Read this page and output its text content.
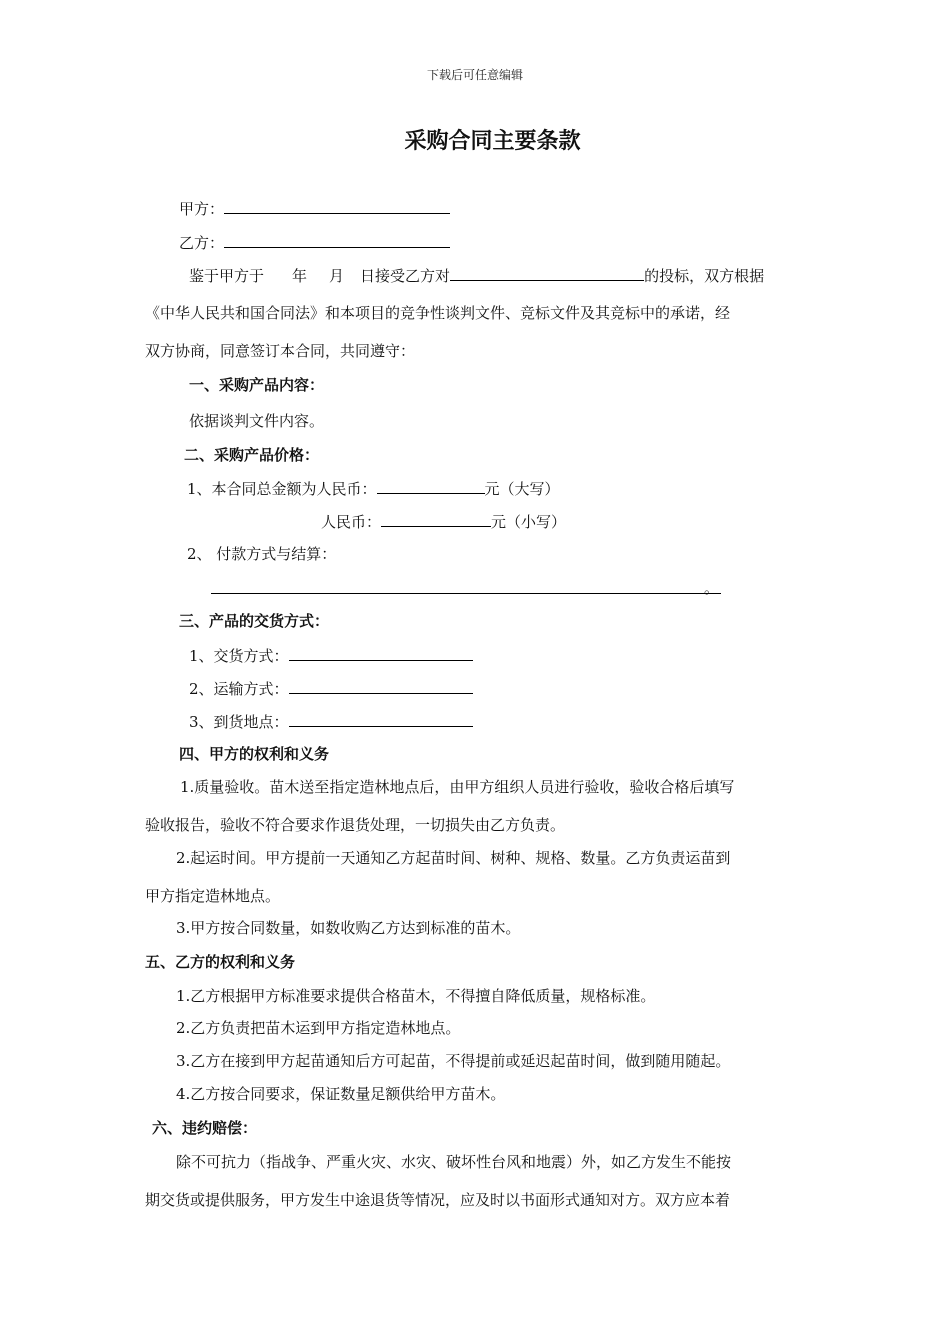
下载后可任意编辑
采购合同主要条款
甲方：
乙方：
鉴于甲方于 年 月 日接受乙方对	的投标，双方根据
《中华人民共和国合同法》和本项目的竞争性谈判文件、竞标文件及其竞标中的承诺，经
双方协商，同意签订本合同，共同遵守：
一、采购产品内容：
依据谈判文件内容。
二、采购产品价格：
1、本合同总金额为人民币：	元（大写）
人民币：	元（小写）
2、 付款方式与结算：
。
三、产品的交货方式：
1、交货方式：
2、运输方式：
3、到货地点：
四、甲方的权利和义务
1.质量验收。苗木送至指定造林地点后，由甲方组织人员进行验收，验收合格后填写
验收报告，验收不符合要求作退货处理，一切损失由乙方负责。
2.起运时间。甲方提前一天通知乙方起苗时间、树种、规格、数量。乙方负责运苗到
甲方指定造林地点。
3.甲方按合同数量，如数收购乙方达到标准的苗木。
五、乙方的权利和义务
1.乙方根据甲方标准要求提供合格苗木，不得擅自降低质量，规格标准。
2.乙方负责把苗木运到甲方指定造林地点。
3.乙方在接到甲方起苗通知后方可起苗，不得提前或延迟起苗时间，做到随用随起。
4.乙方按合同要求，保证数量足额供给甲方苗木。
六、违约赔偿：
除不可抗力（指战争、严重火灾、水灾、破坏性台风和地震）外，如乙方发生不能按
期交货或提供服务，甲方发生中途退货等情况，应及时以书面形式通知对方。双方应本着
